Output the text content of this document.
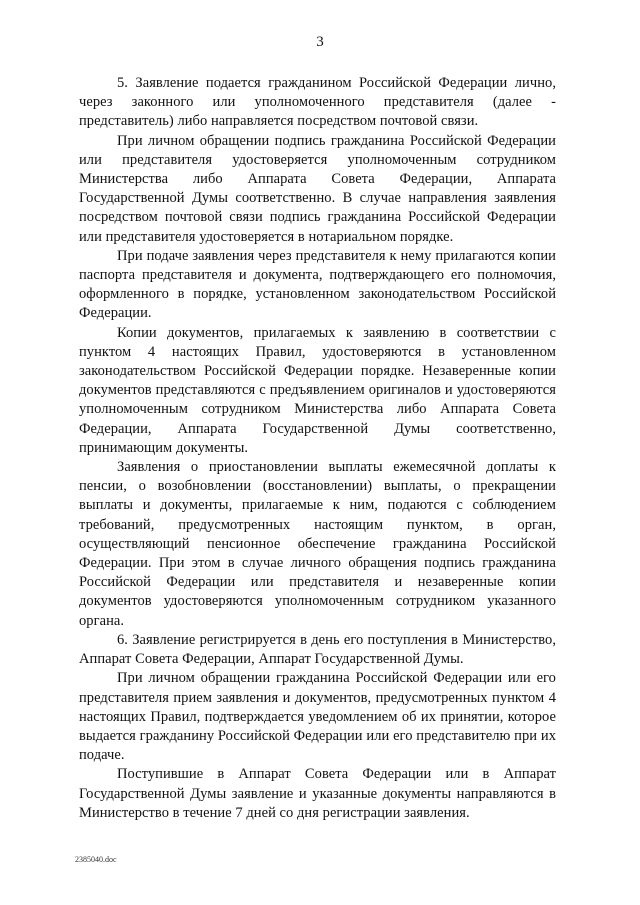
3

5. Заявление подается гражданином Российской Федерации лично, через законного или уполномоченного представителя (далее - представитель) либо направляется посредством почтовой связи.

При личном обращении подпись гражданина Российской Федерации или представителя удостоверяется уполномоченным сотрудником Министерства либо Аппарата Совета Федерации, Аппарата Государственной Думы соответственно. В случае направления заявления посредством почтовой связи подпись гражданина Российской Федерации или представителя удостоверяется в нотариальном порядке.

При подаче заявления через представителя к нему прилагаются копии паспорта представителя и документа, подтверждающего его полномочия, оформленного в порядке, установленном законодательством Российской Федерации.

Копии документов, прилагаемых к заявлению в соответствии с пунктом 4 настоящих Правил, удостоверяются в установленном законодательством Российской Федерации порядке. Незаверенные копии документов представляются с предъявлением оригиналов и удостоверяются уполномоченным сотрудником Министерства либо Аппарата Совета Федерации, Аппарата Государственной Думы соответственно, принимающим документы.

Заявления о приостановлении выплаты ежемесячной доплаты к пенсии, о возобновлении (восстановлении) выплаты, о прекращении выплаты и документы, прилагаемые к ним, подаются с соблюдением требований, предусмотренных настоящим пунктом, в орган, осуществляющий пенсионное обеспечение гражданина Российской Федерации. При этом в случае личного обращения подпись гражданина Российской Федерации или представителя и незаверенные копии документов удостоверяются уполномоченным сотрудником указанного органа.

6. Заявление регистрируется в день его поступления в Министерство, Аппарат Совета Федерации, Аппарат Государственной Думы.

При личном обращении гражданина Российской Федерации или его представителя прием заявления и документов, предусмотренных пунктом 4 настоящих Правил, подтверждается уведомлением об их принятии, которое выдается гражданину Российской Федерации или его представителю при их подаче.

Поступившие в Аппарат Совета Федерации или в Аппарат Государственной Думы заявление и указанные документы направляются в Министерство в течение 7 дней со дня регистрации заявления.

2385040.doc
